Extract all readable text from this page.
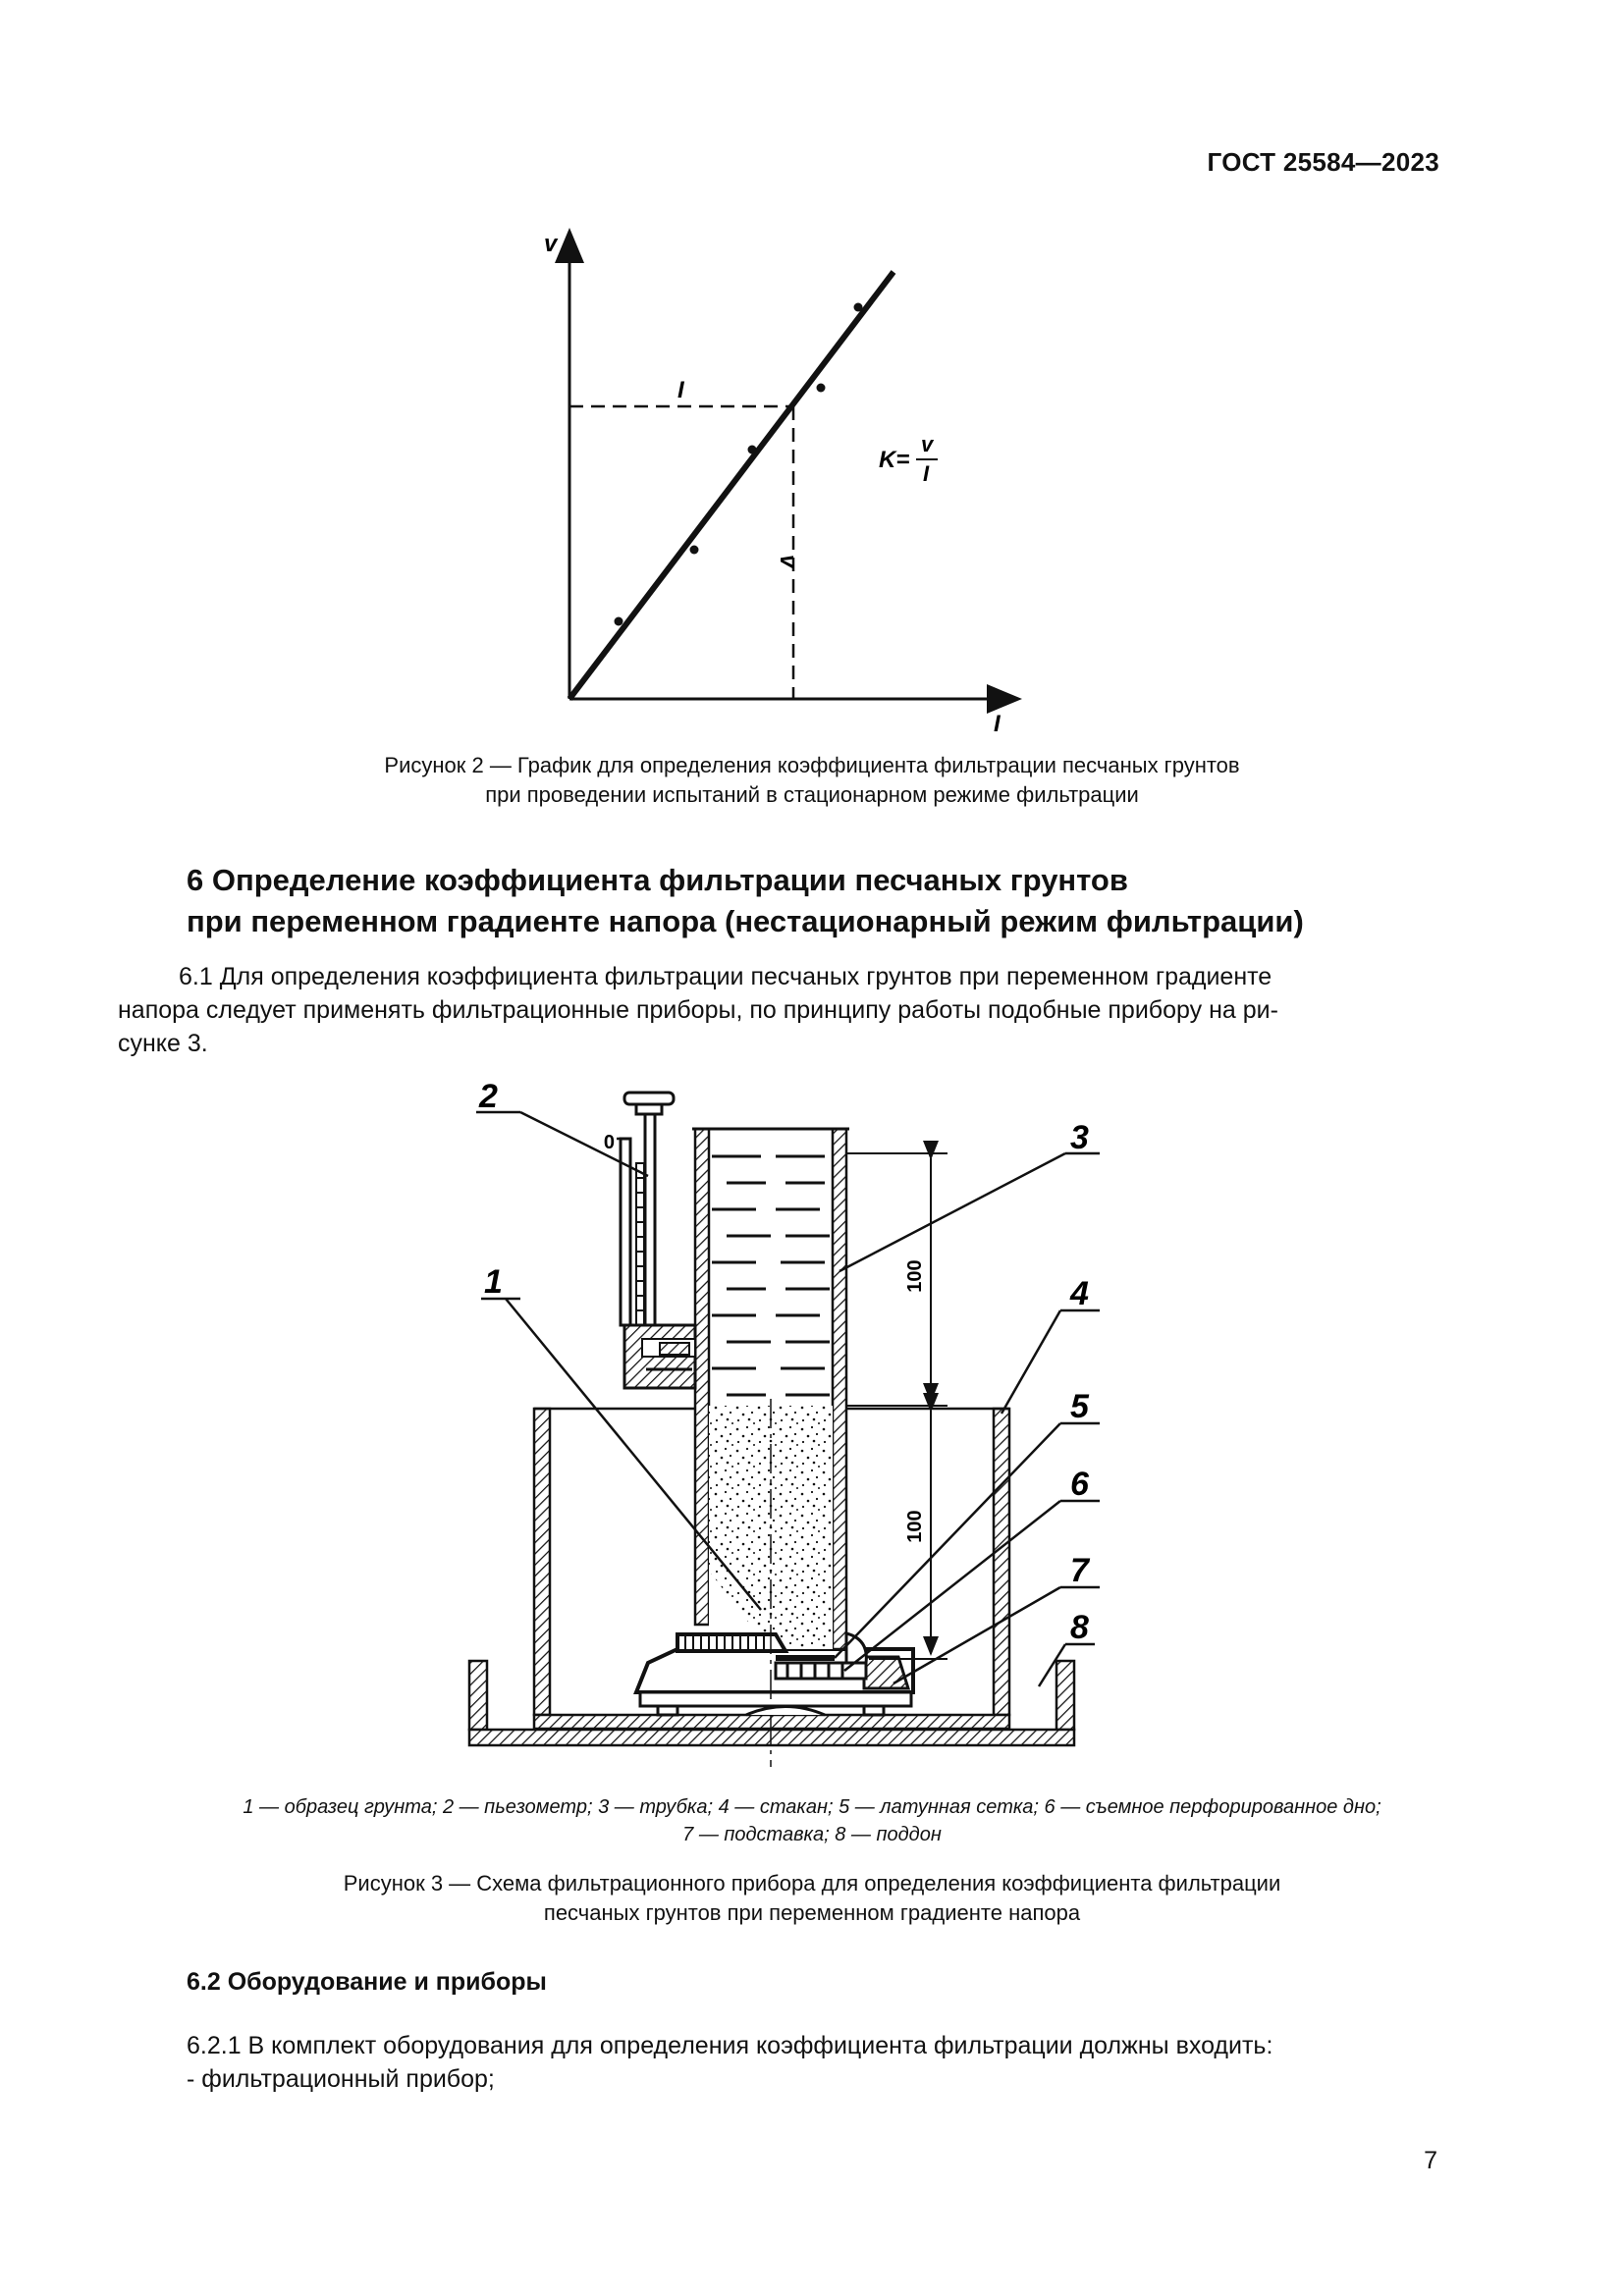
ГОСТ 25584—2023
v
I
I
v
K=
v
I
Рисунок 2 — График для определения коэффициента фильтрации песчаных грунтов
при проведении испытаний в стационарном режиме фильтрации
6 Определение коэффициента фильтрации песчаных грунтов
при переменном градиенте напора (нестационарный режим фильтрации)
6.1 Для определения коэффициента фильтрации песчаных грунтов при переменном градиенте
напора следует применять фильтрационные приборы, по принципу работы подобные прибору на ри-
сунке 3.
0
100
100
2
3
1	4
5
6
7
8
1 — образец грунта; 2 — пьезометр; 3 — трубка; 4 — стакан; 5 — латунная сетка; 6 — съемное перфорированное дно;
7 — подставка; 8 — поддон
Рисунок 3 — Схема фильтрационного прибора для определения коэффициента фильтрации
песчаных грунтов при переменном градиенте напора
6.2 Оборудование и приборы
6.2.1 В комплект оборудования для определения коэффициента фильтрации должны входить:
- фильтрационный прибор;
7
